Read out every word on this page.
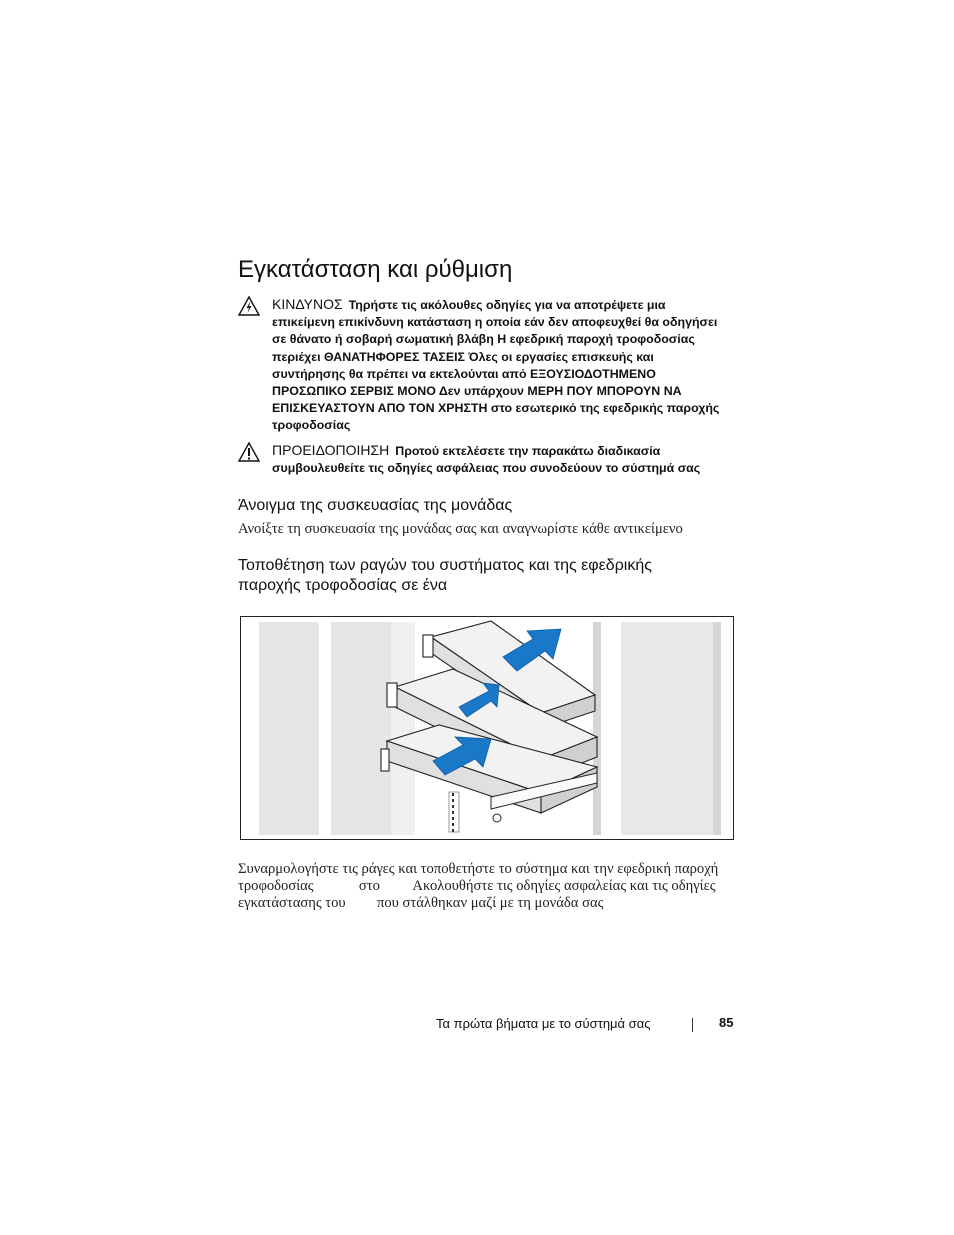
Εγκατάσταση και ρύθμιση
ΚΙΝΔΥΝΟΣ Τηρήστε τις ακόλουθες οδηγίες για να αποτρέψετε μια
επικείμενη επικίνδυνη κατάσταση η οποία εάν δεν αποφευχθεί θα οδηγήσει
σε θάνατο ή σοβαρή σωματική βλάβη Η εφεδρική παροχή τροφοδοσίας
περιέχει ΘΑΝΑΤΗΦΟΡΕΣ ΤΑΣΕΙΣ Όλες οι εργασίες επισκευής και
συντήρησης θα πρέπει να εκτελούνται από ΕΞΟΥΣΙΟΔΟΤΗΜΕΝΟ
ΠΡΟΣΩΠΙΚΟ ΣΕΡΒΙΣ ΜΟΝΟ Δεν υπάρχουν ΜΕΡΗ ΠΟΥ ΜΠΟΡΟΥΝ ΝΑ
ΕΠΙΣΚΕΥΑΣΤΟΥΝ ΑΠΟ ΤΟΝ ΧΡΗΣΤΗ στο εσωτερικό της εφεδρικής παροχής
τροφοδοσίας
ΠΡΟΕΙΔΟΠΟΙΗΣΗ Προτού εκτελέσετε την παρακάτω διαδικασία
συμβουλευθείτε τις οδηγίες ασφάλειας που συνοδεύουν το σύστημά σας
Άνοιγμα της συσκευασίας της μονάδας
Ανοίξτε τη συσκευασία της μονάδας σας και αναγνωρίστε κάθε αντικείμενο
Τοποθέτηση των ραγών του συστήματος και της εφεδρικής
παροχής τροφοδοσίας σε ένα
Συναρμολογήστε τις ράγες και τοποθετήστε το σύστημα και την εφεδρική παροχή
τροφοδοσίας	στο Ακολουθήστε τις οδηγίες ασφαλείας και τις οδηγίες
εγκατάστασης του που στάλθηκαν μαζί με τη μονάδα σας
Τα πρώτα βήματα με το σύστημά σας	85
